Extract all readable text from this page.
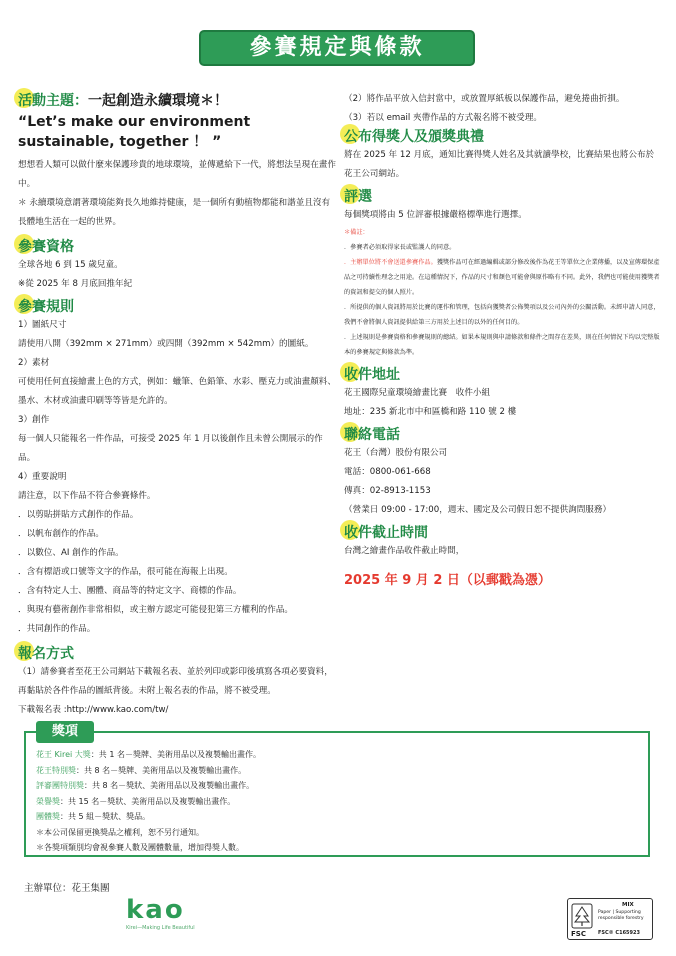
參賽規定與條款
活動主題：一起創造永續環境＊！

“Let’s make our environment sustainable, together ！ ”

想想看人類可以做什麼來保護珍貴的地球環境，並傳遞給下一代，將想法呈現在畫作中。

＊ 永續環境意謂著環境能夠長久地維持健康，是一個所有動植物都能和諧並且沒有長體地生活在一起的世界。

參賽資格

全球各地 6 到 15 歲兒童。

※從 2025 年 8 月底回推年紀

參賽規則

1）圖紙尺寸

請使用八開（392mm × 271mm）或四開（392mm × 542mm）的圖紙。

2）素材

可使用任何直接繪畫上色的方式，例如：蠟筆、色鉛筆、水彩、壓克力或油畫顏料、墨水、木材或油畫印刷等等皆是允許的。

3）創作

每一個人只能報名一件作品，可接受 2025 年 1 月以後創作且未曾公開展示的作品。

4）重要說明

請注意，以下作品不符合參賽條件。

．以剪貼拼貼方式創作的作品。

．以帆布創作的作品。

．以數位、AI 創作的作品。

．含有標語或口號等文字的作品，很可能在海報上出現。

．含有特定人士、團體、商品等的特定文字、商標的作品。

．與現有藝術創作非常相似，或主辦方認定可能侵犯第三方權利的作品。

．共同創作的作品。

報名方式

（1）請參賽者至花王公司網站下載報名表、並於列印或影印後填寫各項必要資料，再黏貼於各件作品的圖紙背後。未附上報名表的作品，將不被受理。

下載報名表 :http://www.kao.com/tw/

（2）將作品平放入信封當中，或放置厚紙板以保護作品，避免捲曲折損。

（3）若以 email 夾帶作品的方式報名將不被受理。

公布得獎人及頒獎典禮

將在 2025 年 12 月底，通知比賽得獎人姓名及其就讀學校，比賽結果也將公布於花王公司網站。

評選

每個獎項將由 5 位評審根據嚴格標準進行選擇。

＊備註：

．參賽者必須取得家長或監護人的同意。

．主辦單位將不會送還參賽作品。獲獎作品可在經過編輯或部分修改後作為花王等單位之企業傳播，以及宣傳環保產品之可持續性理念之用途。在這種情況下，作品的尺寸和顏色可能會與原作略有不同。此外，我們也可能使用獲獎者的資訊和提交的個人照片。

．所提供的個人資訊將用於比賽的運作和管理，包括向獲獎者公佈獎項以及公司內外的公關活動。未經申請人同意，我們不會將個人資訊提供給第三方用於上述目的以外的任何目的。

．上述規則是參賽資格和參賽規則的總結。如果本規則與申請條款和條件之間存在差異，則在任何情況下均以完整版本的參賽規定與條款為準。

收件地址

花王國際兒童環境繪畫比賽　收件小組

地址：235 新北市中和區橋和路 110 號 2 樓

聯絡電話

花王（台灣）股份有限公司

電話：0800-061-668

傳真：02-8913-1153

（營業日 09:00 - 17:00，週末、國定及公司假日恕不提供詢問服務）

收件截止時間

台灣之繪畫作品收件截止時間，

2025 年 9 月 2 日（以郵戳為憑）

獎項
花王 Kirei 大獎：共 1 名－獎牌、美術用品以及複製輸出畫作。
花王特別獎：共 8 名－獎牌、美術用品以及複製輸出畫作。
評審團特別獎：共 8 名－獎狀、美術用品以及複製輸出畫作。
榮譽獎：共 15 名－獎狀、美術用品以及複製輸出畫作。
團體獎：共 5 組－獎狀、獎品。
＊本公司保留更換獎品之權利，恕不另行通知。
＊各獎項類別均會視參賽人數及團體數量，增加得獎人數。
主辦單位：花王集團
kao
Kirei—Making Life Beautiful
FSC
MIX
Paper | Supporting responsible forestry
FSC® C165923
